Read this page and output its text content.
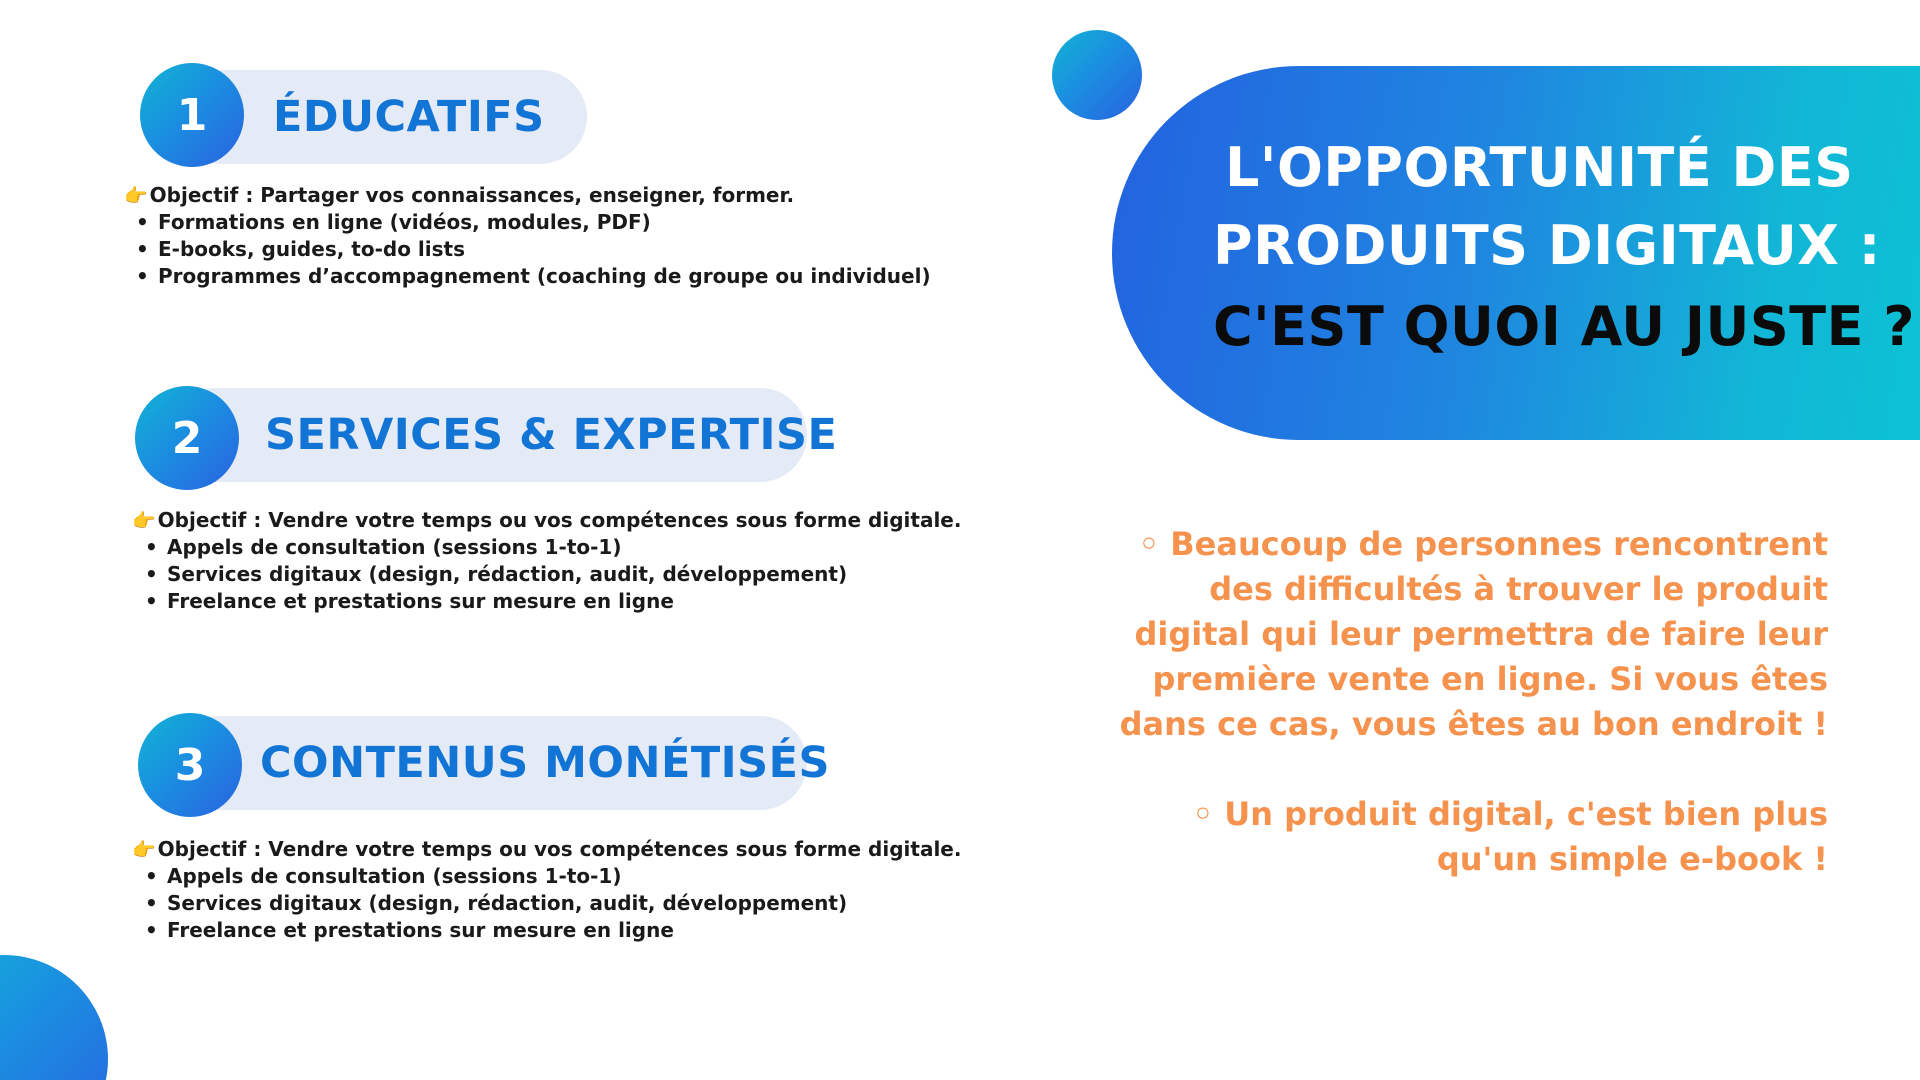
1 ÉDUCATIFS
👉 Objectif : Partager vos connaissances, enseigner, former.
• Formations en ligne (vidéos, modules, PDF)
• E-books, guides, to-do lists
• Programmes d’accompagnement (coaching de groupe ou individuel)
2 SERVICES & EXPERTISE
👉 Objectif : Vendre votre temps ou vos compétences sous forme digitale.
• Appels de consultation (sessions 1-to-1)
• Services digitaux (design, rédaction, audit, développement)
• Freelance et prestations sur mesure en ligne
3 CONTENUS MONÉTISÉS
👉 Objectif : Vendre votre temps ou vos compétences sous forme digitale.
• Appels de consultation (sessions 1-to-1)
• Services digitaux (design, rédaction, audit, développement)
• Freelance et prestations sur mesure en ligne
L'OPPORTUNITÉ DES
PRODUITS DIGITAUX :
C'EST QUOI AU JUSTE ?
◦ Beaucoup de personnes rencontrent
des difficultés à trouver le produit
digital qui leur permettra de faire leur
première vente en ligne. Si vous êtes
dans ce cas, vous êtes au bon endroit !
◦ Un produit digital, c'est bien plus
qu'un simple e-book !
